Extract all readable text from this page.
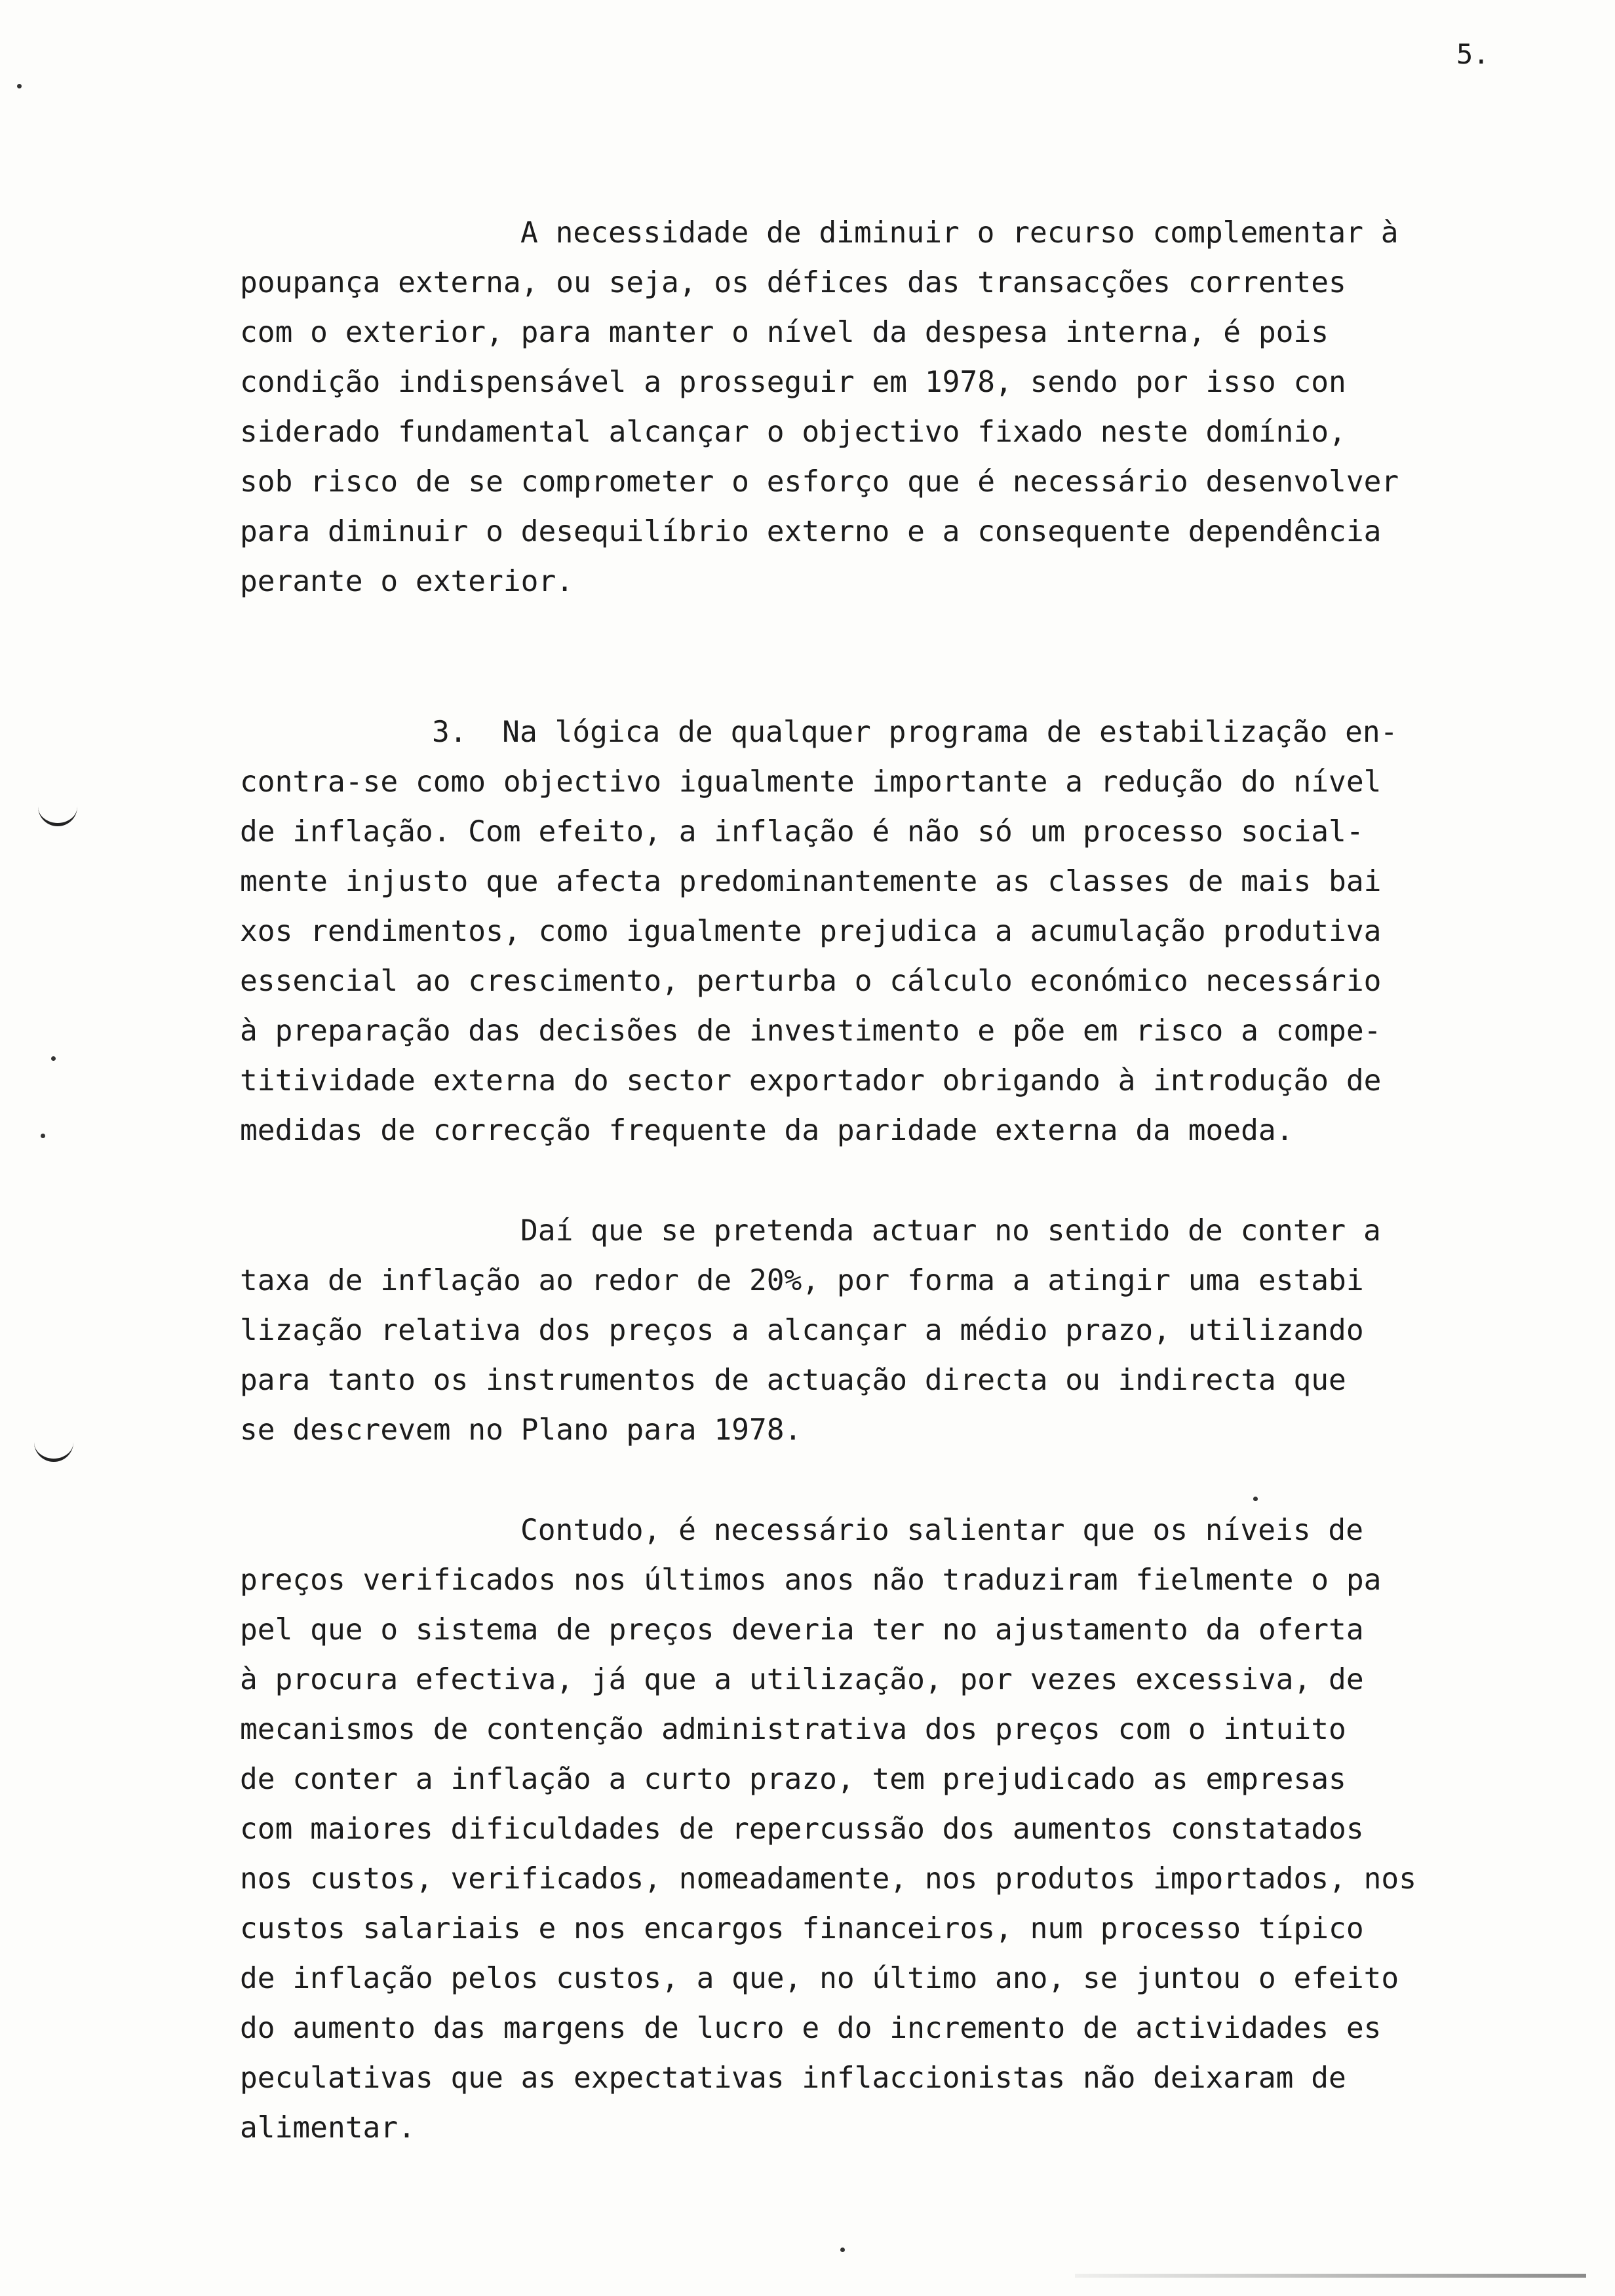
5.
A necessidade de diminuir o recurso complementar à
poupança externa, ou seja, os défices das transacções correntes
com o exterior, para manter o nível da despesa interna, é pois
condição indispensável a prosseguir em 1978, sendo por isso con
siderado fundamental alcançar o objectivo fixado neste domínio,
sob risco de se comprometer o esforço que é necessário desenvolver
para diminuir o desequilíbrio externo e a consequente dependência
perante o exterior.
3.  Na lógica de qualquer programa de estabilização en-
contra-se como objectivo igualmente importante a redução do nível
de inflação. Com efeito, a inflação é não só um processo social-
mente injusto que afecta predominantemente as classes de mais bai
xos rendimentos, como igualmente prejudica a acumulação produtiva
essencial ao crescimento, perturba o cálculo económico necessário
à preparação das decisões de investimento e põe em risco a compe-
titividade externa do sector exportador obrigando à introdução de
medidas de correcção frequente da paridade externa da moeda.
Daí que se pretenda actuar no sentido de conter a
taxa de inflação ao redor de 20%, por forma a atingir uma estabi
lização relativa dos preços a alcançar a médio prazo, utilizando
para tanto os instrumentos de actuação directa ou indirecta que
se descrevem no Plano para 1978.
Contudo, é necessário salientar que os níveis de
preços verificados nos últimos anos não traduziram fielmente o pa
pel que o sistema de preços deveria ter no ajustamento da oferta
à procura efectiva, já que a utilização, por vezes excessiva, de
mecanismos de contenção administrativa dos preços com o intuito
de conter a inflação a curto prazo, tem prejudicado as empresas
com maiores dificuldades de repercussão dos aumentos constatados
nos custos, verificados, nomeadamente, nos produtos importados, nos
custos salariais e nos encargos financeiros, num processo típico
de inflação pelos custos, a que, no último ano, se juntou o efeito
do aumento das margens de lucro e do incremento de actividades es
peculativas que as expectativas inflaccionistas não deixaram de
alimentar.
